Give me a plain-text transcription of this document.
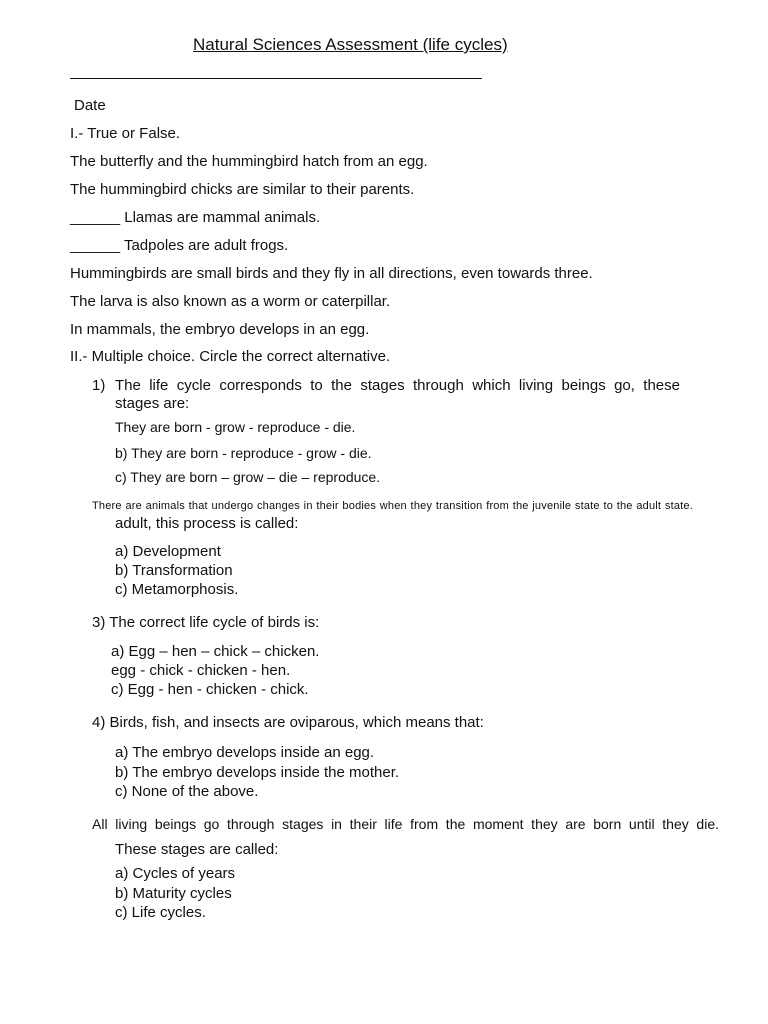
Natural Sciences Assessment (life cycles)
Date
I.- True or False.
The butterfly and the hummingbird hatch from an egg.
The hummingbird chicks are similar to their parents.
______ Llamas are mammal animals.
______ Tadpoles are adult frogs.
Hummingbirds are small birds and they fly in all directions, even towards three.
The larva is also known as a worm or caterpillar.
In mammals, the embryo develops in an egg.
II.- Multiple choice. Circle the correct alternative.
1) The life cycle corresponds to the stages through which living beings go, these
stages are:
They are born - grow - reproduce - die.
b) They are born - reproduce - grow - die.
c) They are born – grow – die – reproduce.
There are animals that undergo changes in their bodies when they transition from the juvenile state to the adult state.
adult, this process is called:
a) Development
b) Transformation
c) Metamorphosis.
3) The correct life cycle of birds is:
a) Egg – hen – chick – chicken.
egg - chick - chicken - hen.
c) Egg - hen - chicken - chick.
4) Birds, fish, and insects are oviparous, which means that:
a) The embryo develops inside an egg.
b) The embryo develops inside the mother.
c) None of the above.
All living beings go through stages in their life from the moment they are born until they die.
These stages are called:
a) Cycles of years
b) Maturity cycles
c) Life cycles.
